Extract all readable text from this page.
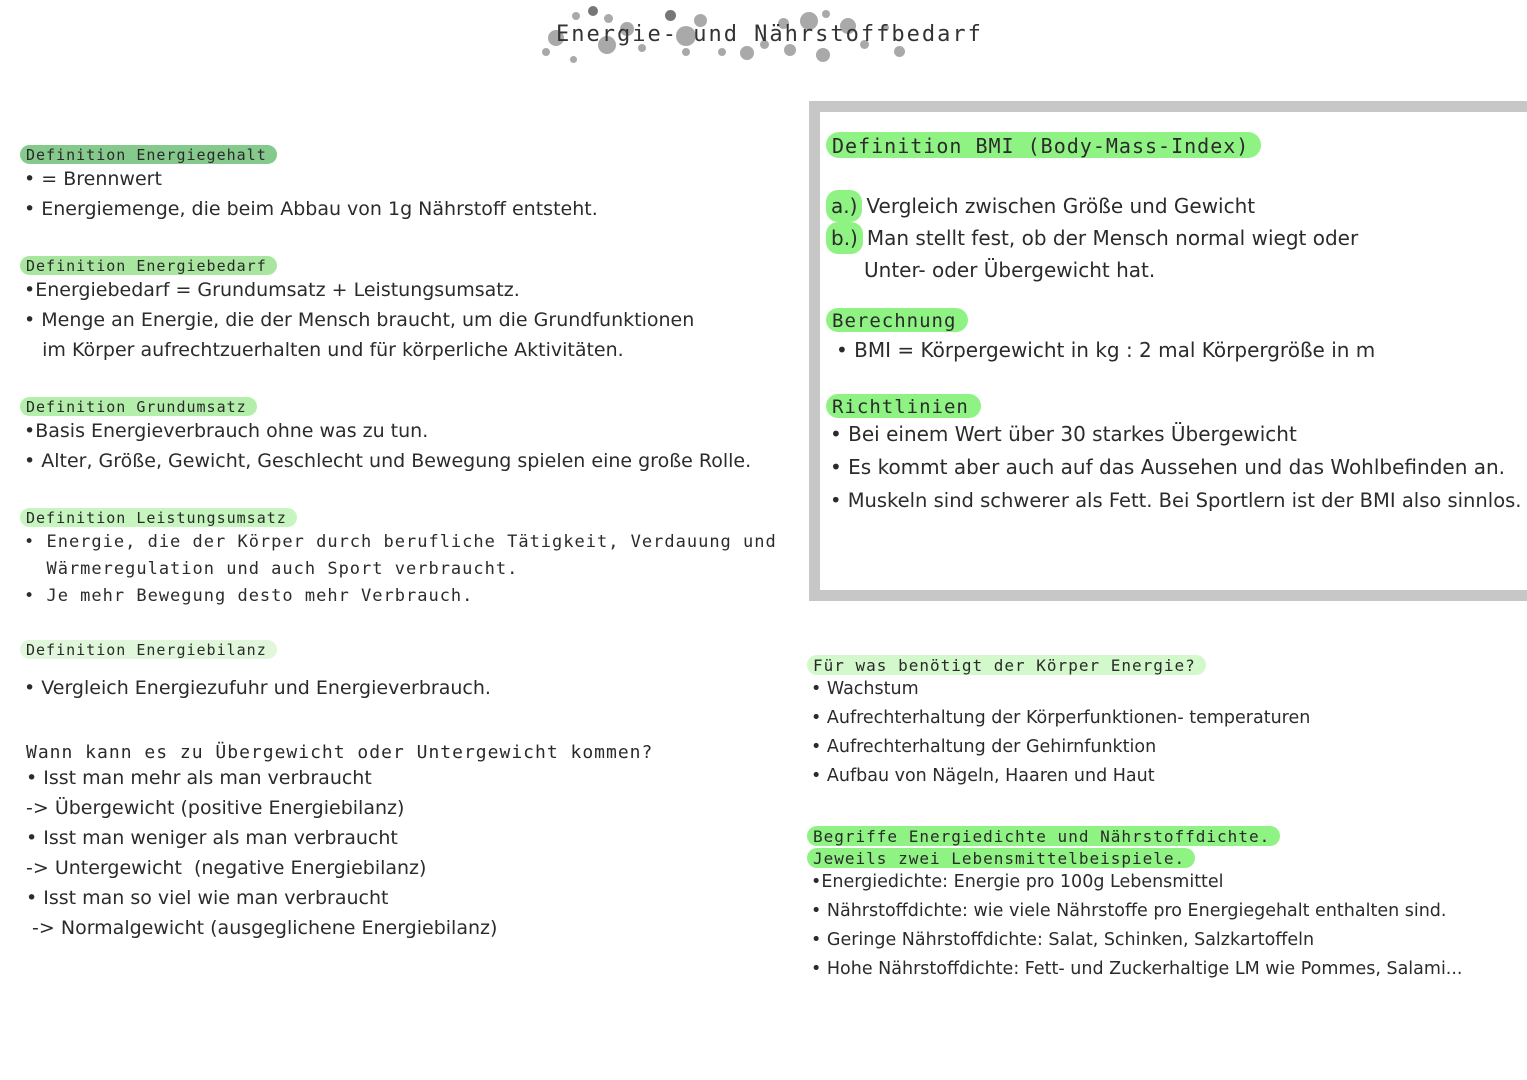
Energie- und Nährstoffbedarf
Definition Energiegehalt
• = Brennwert
• Energiemenge, die beim Abbau von 1g Nährstoff entsteht.
Definition Energiebedarf
•Energiebedarf = Grundumsatz + Leistungsumsatz.
• Menge an Energie, die der Mensch braucht, um die Grundfunktionen
im Körper aufrechtzuerhalten und für körperliche Aktivitäten.
Definition Grundumsatz
•Basis Energieverbrauch ohne was zu tun.
• Alter, Größe, Gewicht, Geschlecht und Bewegung spielen eine große Rolle.
Definition Leistungsumsatz
• Energie, die der Körper durch berufliche Tätigkeit, Verdauung und
Wärmeregulation und auch Sport verbraucht.
• Je mehr Bewegung desto mehr Verbrauch.
Definition Energiebilanz
• Vergleich Energiezufuhr und Energieverbrauch.
Wann kann es zu Übergewicht oder Untergewicht kommen?
• Isst man mehr als man verbraucht
-> Übergewicht (positive Energiebilanz)
• Isst man weniger als man verbraucht
-> Untergewicht  (negative Energiebilanz)
• Isst man so viel wie man verbraucht
-> Normalgewicht (ausgeglichene Energiebilanz)
Definition BMI (Body-Mass-Index)
a.) Vergleich zwischen Größe und Gewicht
b.) Man stellt fest, ob der Mensch normal wiegt oder
Unter- oder Übergewicht hat.
Berechnung
• BMI = Körpergewicht in kg : 2 mal Körpergröße in m
Richtlinien
• Bei einem Wert über 30 starkes Übergewicht
• Es kommt aber auch auf das Aussehen und das Wohlbefinden an.
• Muskeln sind schwerer als Fett. Bei Sportlern ist der BMI also sinnlos.
Für was benötigt der Körper Energie?
• Wachstum
• Aufrechterhaltung der Körperfunktionen- temperaturen
• Aufrechterhaltung der Gehirnfunktion
• Aufbau von Nägeln, Haaren und Haut
Begriffe Energiedichte und Nährstoffdichte.
Jeweils zwei Lebensmittelbeispiele.
•Energiedichte: Energie pro 100g Lebensmittel
• Nährstoffdichte: wie viele Nährstoffe pro Energiegehalt enthalten sind.
• Geringe Nährstoffdichte: Salat, Schinken, Salzkartoffeln
• Hohe Nährstoffdichte: Fett- und Zuckerhaltige LM wie Pommes, Salami...
